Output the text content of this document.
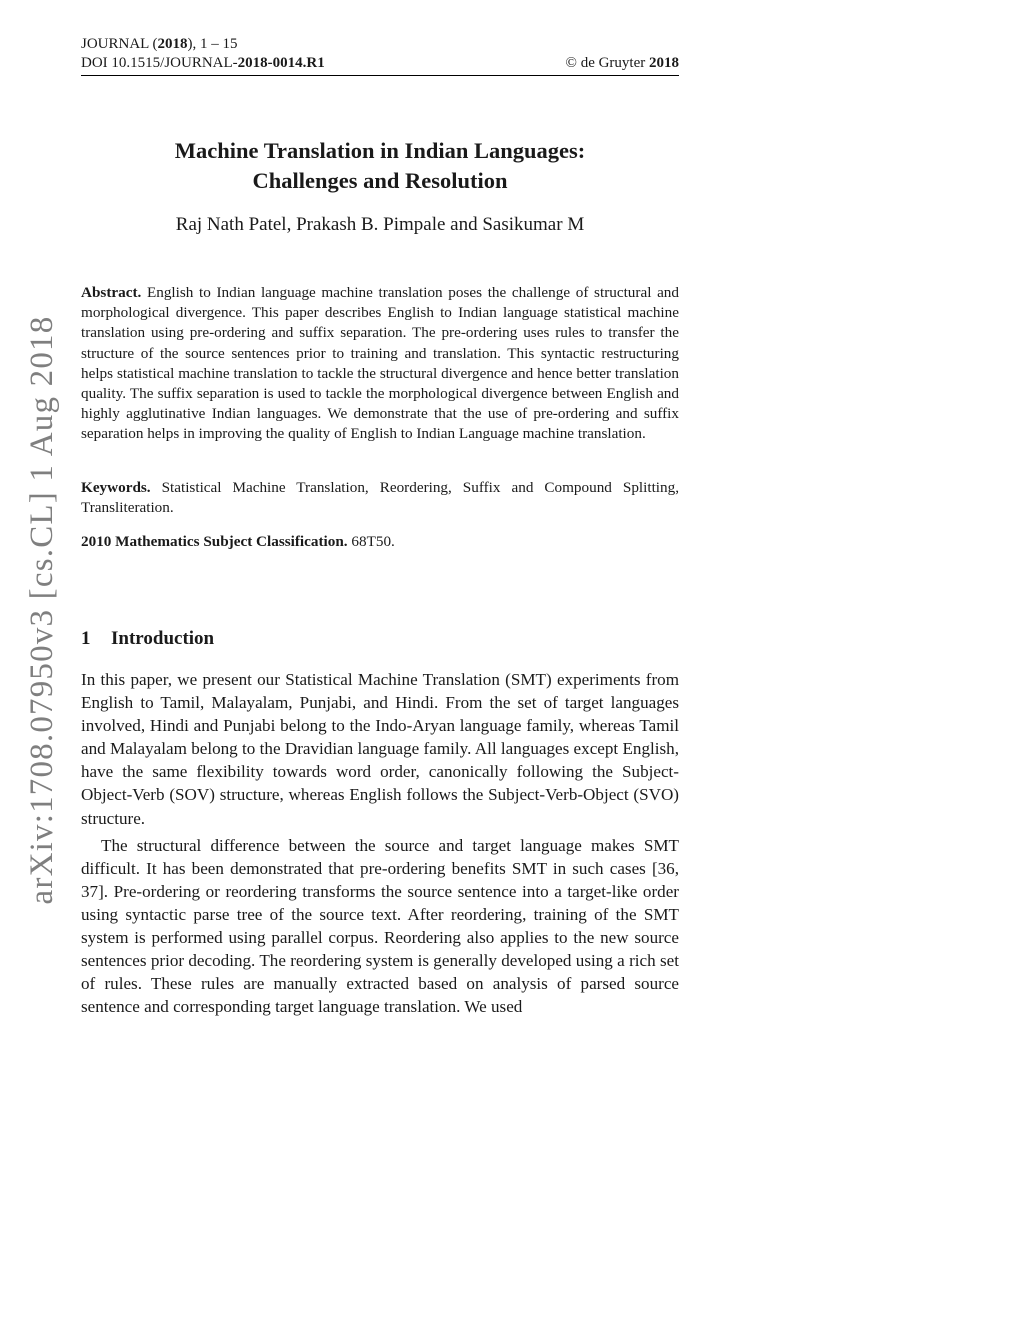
JOURNAL (2018), 1 – 15
DOI 10.1515/JOURNAL-2018-0014.R1	© de Gruyter 2018
arXiv:1708.07950v3 [cs.CL] 1 Aug 2018
Machine Translation in Indian Languages:
Challenges and Resolution
Raj Nath Patel, Prakash B. Pimpale and Sasikumar M
Abstract. English to Indian language machine translation poses the challenge of structural and morphological divergence. This paper describes English to Indian language statistical machine translation using pre-ordering and suffix separation. The pre-ordering uses rules to transfer the structure of the source sentences prior to training and translation. This syntactic restructuring helps statistical machine translation to tackle the structural divergence and hence better translation quality. The suffix separation is used to tackle the morphological divergence between English and highly agglutinative Indian languages. We demonstrate that the use of pre-ordering and suffix separation helps in improving the quality of English to Indian Language machine translation.
Keywords. Statistical Machine Translation, Reordering, Suffix and Compound Splitting, Transliteration.
2010 Mathematics Subject Classification. 68T50.
1 Introduction

In this paper, we present our Statistical Machine Translation (SMT) experiments from English to Tamil, Malayalam, Punjabi, and Hindi. From the set of target languages involved, Hindi and Punjabi belong to the Indo-Aryan language family, whereas Tamil and Malayalam belong to the Dravidian language family. All languages except English, have the same flexibility towards word order, canonically following the Subject-Object-Verb (SOV) structure, whereas English follows the Subject-Verb-Object (SVO) structure.

The structural difference between the source and target language makes SMT difficult. It has been demonstrated that pre-ordering benefits SMT in such cases [36, 37]. Pre-ordering or reordering transforms the source sentence into a target-like order using syntactic parse tree of the source text. After reordering, training of the SMT system is performed using parallel corpus. Reordering also applies to the new source sentences prior decoding. The reordering system is generally developed using a rich set of rules. These rules are manually extracted based on analysis of parsed source sentence and corresponding target language translation. We used
